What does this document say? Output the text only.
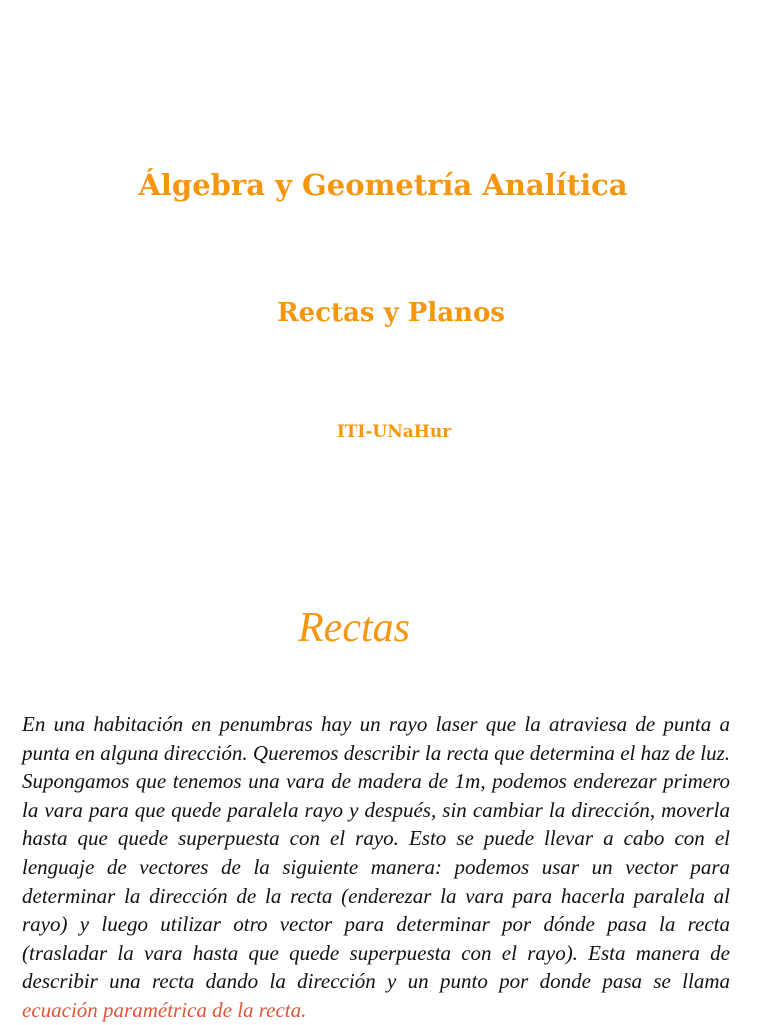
Álgebra y Geometría Analítica
Rectas y Planos
ITI-UNaHur
Rectas

En una habitación en penumbras hay un rayo laser que la atraviesa de punta a punta en alguna dirección. Queremos describir la recta que determina el haz de luz. Supongamos que tenemos una vara de madera de 1m, podemos enderezar primero la vara para que quede paralela rayo y después, sin cambiar la dirección, moverla hasta que quede superpuesta con el rayo. Esto se puede llevar a cabo con el lenguaje de vectores de la siguiente manera: podemos usar un vector para determinar la dirección de la recta (enderezar la vara para hacerla paralela al rayo) y luego utilizar otro vector para determinar por dónde pasa la recta (trasladar la vara hasta que quede superpuesta con el rayo). Esta manera de describir una recta dando la dirección y un punto por donde pasa se llama ecuación paramétrica de la recta.
